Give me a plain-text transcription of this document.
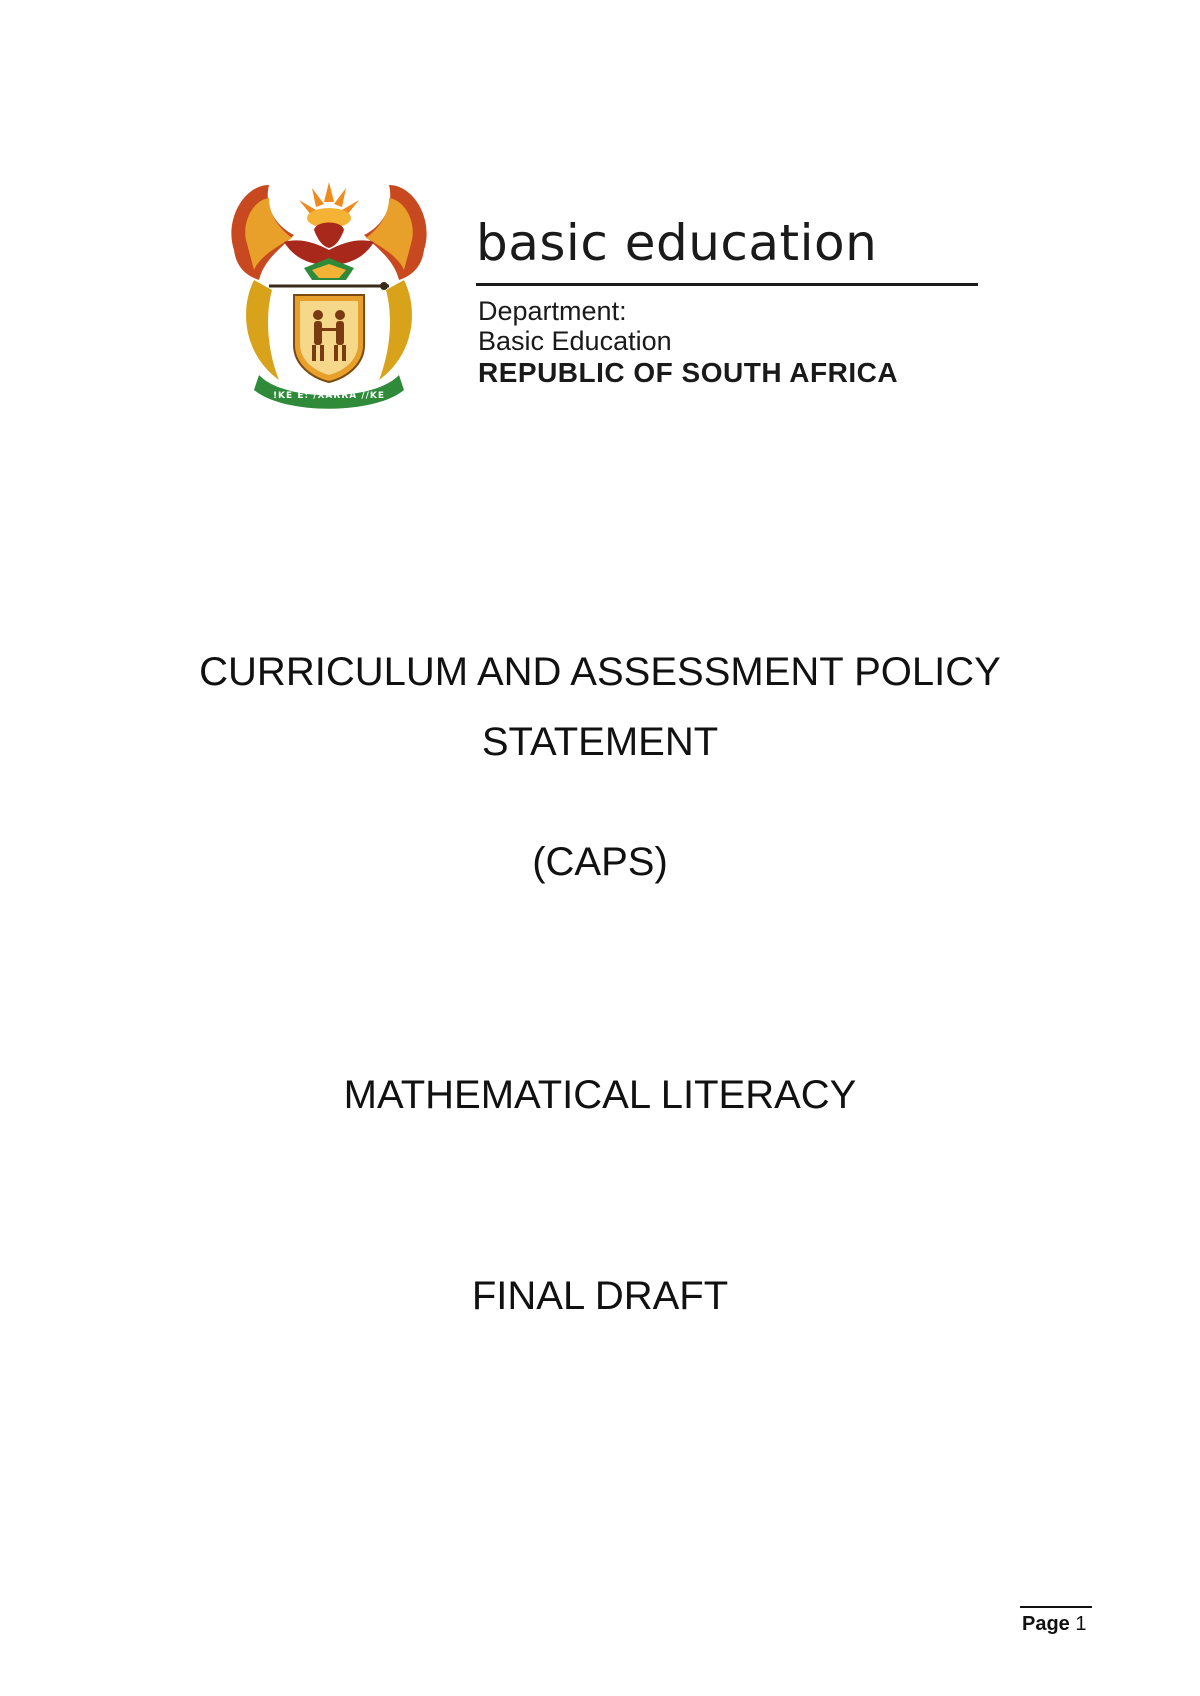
!KE E: /XARRA //KE
basic education
Department:
Basic Education
REPUBLIC OF SOUTH AFRICA
CURRICULUM AND ASSESSMENT POLICY
STATEMENT
(CAPS)
MATHEMATICAL LITERACY
FINAL DRAFT
Page 1
